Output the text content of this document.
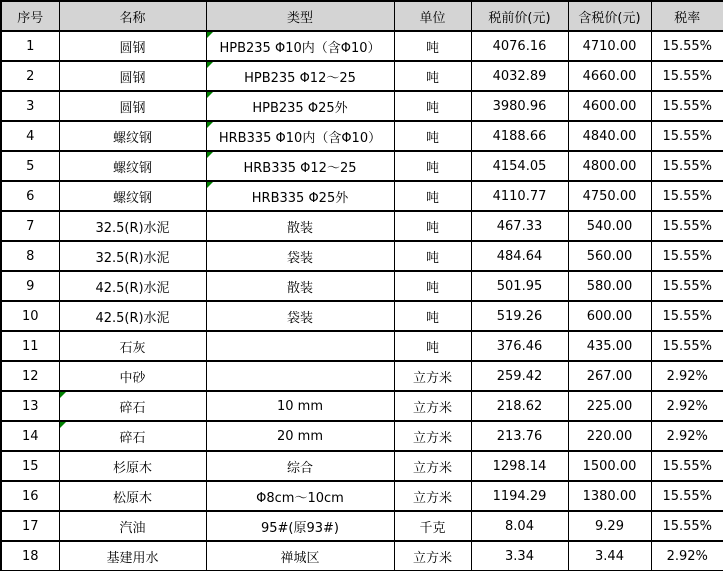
序号	名称	类型	单位	税前价(元)	含税价(元)	税率
1	圆钢	HPB235 Φ10内（含Φ10）	吨	4076.16	4710.00	15.55%
2	圆钢	HPB235 Φ12～25	吨	4032.89	4660.00	15.55%
3	圆钢	HPB235 Φ25外	吨	3980.96	4600.00	15.55%
4	螺纹钢	HRB335 Φ10内（含Φ10）	吨	4188.66	4840.00	15.55%
5	螺纹钢	HRB335 Φ12～25	吨	4154.05	4800.00	15.55%
6	螺纹钢	HRB335 Φ25外	吨	4110.77	4750.00	15.55%
7	32.5(R)水泥	散装	吨	467.33	540.00	15.55%
8	32.5(R)水泥	袋装	吨	484.64	560.00	15.55%
9	42.5(R)水泥	散装	吨	501.95	580.00	15.55%
10	42.5(R)水泥	袋装	吨	519.26	600.00	15.55%
11	石灰		吨	376.46	435.00	15.55%
12	中砂		立方米	259.42	267.00	2.92%
13	碎石	10 mm	立方米	218.62	225.00	2.92%
14	碎石	20 mm	立方米	213.76	220.00	2.92%
15	杉原木	综合	立方米	1298.14	1500.00	15.55%
16	松原木	Φ8cm～10cm	立方米	1194.29	1380.00	15.55%
17	汽油	95#(原93#)	千克	8.04	9.29	15.55%
18	基建用水	禅城区	立方米	3.34	3.44	2.92%
